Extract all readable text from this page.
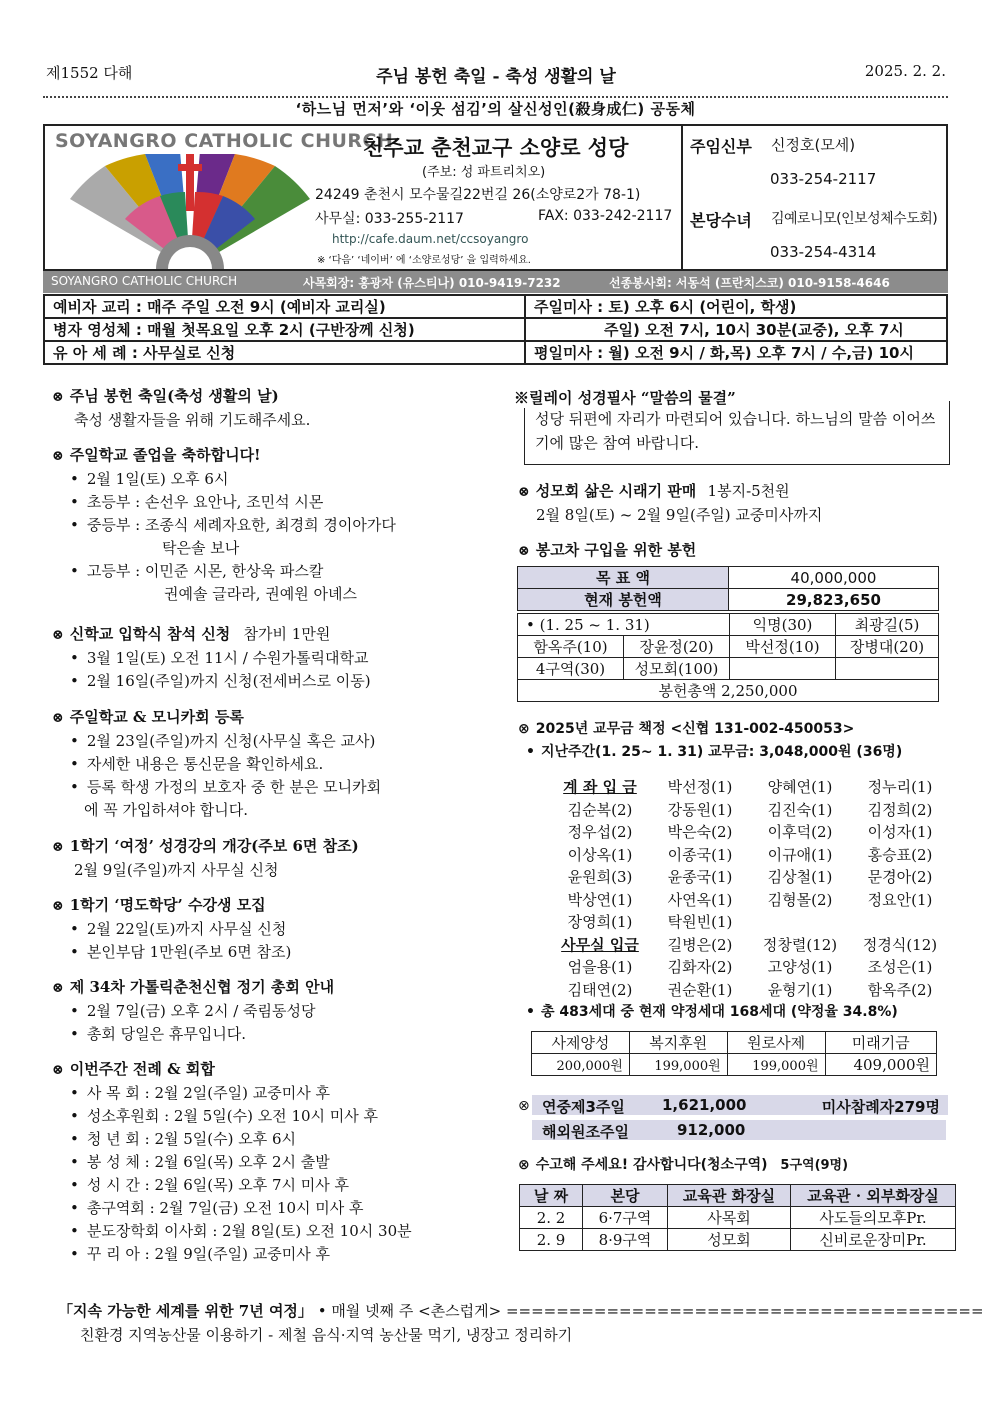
제1552 다해	주님 봉헌 축일 - 축성 생활의 날	2025. 2. 2.
‘하느님 먼저’와 ‘이웃 섬김’의 살신성인(殺身成仁) 공동체
SOYANGRO CATHOLIC CHURCH
천주교 춘천교구 소양로 성당
(주보: 성 파트리치오)
24249 춘천시 모수물길22번길 26(소양로2가 78-1)
사무실: 033-255-2117	FAX: 033-242-2117
http://cafe.daum.net/ccsoyangro
※ ‘다음’ ‘네이버’ 에 ‘소양로성당’ 을 입력하세요.
주임신부 신정호(모세)
033-254-2117
본당수녀 김예로니모(인보성체수도회)
033-254-4314
SOYANGRO CATHOLIC CHURCH	사목회장: 홍광자 (유스티나) 010-9419-7232	선종봉사회: 서동석 (프란치스코) 010-9158-4646
예비자 교리 : 매주 주일 오전 9시 (예비자 교리실)	주일미사 : 토) 오후 6시 (어린이, 학생)
병자 영성체 : 매월 첫목요일 오후 2시 (구반장께 신청)	주일) 오전 7시, 10시 30분(교중), 오후 7시
유 아 세 례 : 사무실로 신청	평일미사 : 월) 오전 9시 / 화,목) 오후 7시 / 수,금) 10시
⊗ 주님 봉헌 축일(축성 생활의 날)
축성 생활자들을 위해 기도해주세요.
⊗ 주일학교 졸업을 축하합니다!
• 2월 1일(토) 오후 6시
• 초등부 : 손선우 요안나, 조민석 시몬
• 중등부 : 조종식 세례자요한, 최경희 경이아가다
탁은솔 보나
• 고등부 : 이민준 시몬, 한상욱 파스칼
권예솔 글라라, 권예원 아녜스
⊗ 신학교 입학식 참석 신청 참가비 1만원
• 3월 1일(토) 오전 11시 / 수원가톨릭대학교
• 2월 16일(주일)까지 신청(전세버스로 이동)
⊗ 주일학교 & 모니카회 등록
• 2월 23일(주일)까지 신청(사무실 혹은 교사)
• 자세한 내용은 통신문을 확인하세요.
• 등록 학생 가정의 보호자 중 한 분은 모니카회
에 꼭 가입하셔야 합니다.
⊗ 1학기 ‘여정’ 성경강의 개강(주보 6면 참조)
2월 9일(주일)까지 사무실 신청
⊗ 1학기 ‘명도학당’ 수강생 모집
• 2월 22일(토)까지 사무실 신청
• 본인부담 1만원(주보 6면 참조)
⊗ 제 34차 가톨릭춘천신협 정기 총회 안내
• 2월 7일(금) 오후 2시 / 죽림동성당
• 총회 당일은 휴무입니다.
⊗ 이번주간 전례 & 회합
• 사 목 회 : 2월 2일(주일) 교중미사 후
• 성소후원회 : 2월 5일(수) 오전 10시 미사 후
• 청 년 회 : 2월 5일(수) 오후 6시
• 봉 성 체 : 2월 6일(목) 오후 2시 출발
• 성 시 간 : 2월 6일(목) 오후 7시 미사 후
• 총구역회 : 2월 7일(금) 오전 10시 미사 후
• 분도장학회 이사회 : 2월 8일(토) 오전 10시 30분
• 꾸 리 아 : 2월 9일(주일) 교중미사 후
성당 뒤편에 자리가 마련되어 있습니다. 하느님의 말씀 이어쓰기에 많은 참여 바랍니다.
※릴레이 성경필사 “말씀의 물결”
⊗ 성모회 삶은 시래기 판매 1봉지-5천원
2월 8일(토) ~ 2월 9일(주일) 교중미사까지
⊗ 봉고차 구입을 위한 봉헌
목 표 액	40,000,000
현재 봉헌액	29,823,650
• (1. 25 ~ 1. 31)		익명(30)	최광길(5)
함옥주(10)	장윤정(20)	박선정(10)	장병대(20)
4구역(30)	성모회(100)		
봉헌총액 2,250,000			
⊗ 2025년 교무금 책정 <신협 131-002-450053>
• 지난주간(1. 25~ 1. 31) 교무금: 3,048,000원 (36명)
계 좌 입 금	박선정(1)	양혜연(1)	정누리(1)
김순복(2)	강동원(1)	김진숙(1)	김정희(2)
정우섭(2)	박은숙(2)	이후덕(2)	이성자(1)
이상옥(1)	이종국(1)	이규애(1)	홍승표(2)
윤원희(3)	윤종국(1)	김상철(1)	문경아(2)
박상연(1)	사연옥(1)	김형몰(2)	정요안(1)
장영희(1)	탁원빈(1)
사무실 입금	길병은(2)	정창렬(12)	정경식(12)
엄을용(1)	김화자(2)	고양성(1)	조성은(1)
김태연(2)	권순환(1)	윤형기(1)	함옥주(2)
• 총 483세대 중 현재 약정세대 168세대 (약정율 34.8%)
사제양성	복지후원	원로사제	미래기금
200,000원	199,000원	199,000원	409,000원
⊗ 연중제3주일 1,621,000	미사참례자279명
해외원조주일	912,000
⊗ 수고해 주세요! 감사합니다(청소구역) 5구역(9명)
날 짜	본당	교육관 화장실	교육관 · 외부화장실
2. 2	6·7구역	사목회	사도들의모후Pr.
2. 9	8·9구역	성모회	신비로운장미Pr.
「지속 가능한 세계를 위한 7년 여정」 • 매월 넷째 주 <촌스럽게> ======================================
친환경 지역농산물 이용하기 - 제철 음식·지역 농산물 먹기, 냉장고 정리하기
